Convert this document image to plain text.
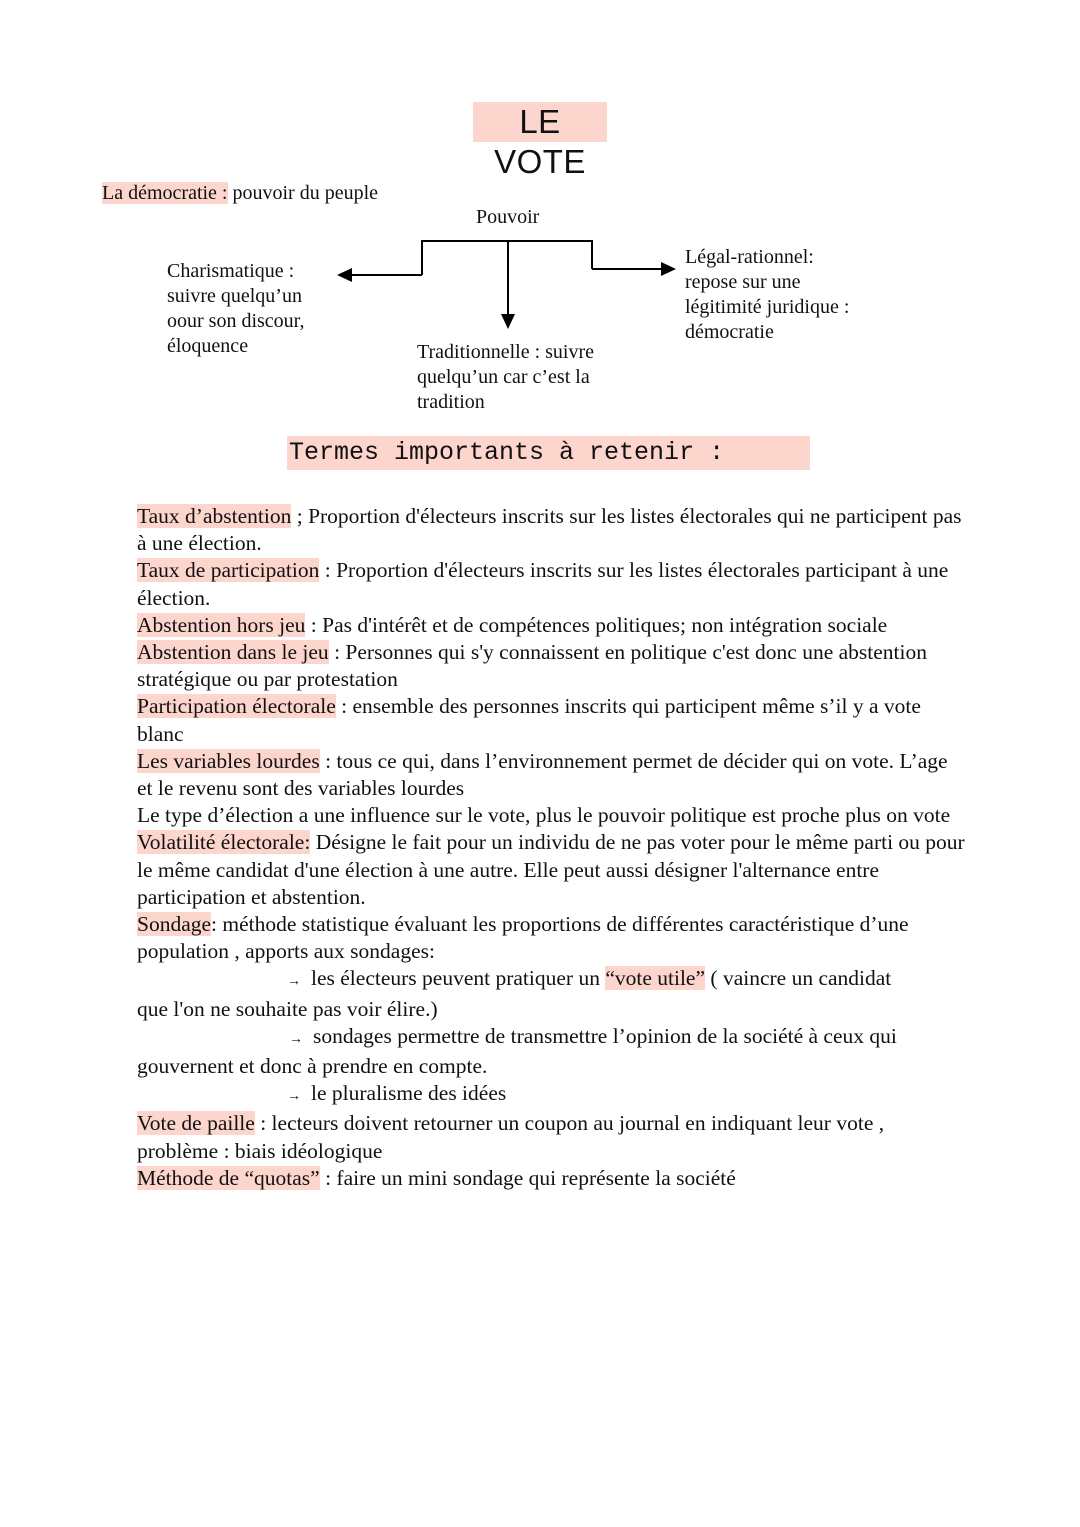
LE VOTE
La démocratie : pouvoir du peuple
Pouvoir
Charismatique :
suivre quelqu’un
oour son discour,
éloquence	Traditionnelle : suivre
quelqu’un car c’est la
tradition
Légal-rationnel:
repose sur une
légitimité juridique :
démocratie
Termes importants à retenir :

Taux d’abstention ; Proportion d'électeurs inscrits sur les listes électorales qui ne participent pas à une élection.

Taux de participation : Proportion d'électeurs inscrits sur les listes électorales participant à une élection.

Abstention hors jeu : Pas d'intérêt et de compétences politiques; non intégration sociale

Abstention dans le jeu : Personnes qui s'y connaissent en politique c'est donc une abstention stratégique ou par protestation

Participation électorale : ensemble des personnes inscrits qui participent même s’il y a vote blanc

Les variables lourdes : tous ce qui, dans l’environnement permet de décider qui on vote. L’age et le revenu sont des variables lourdes

Le type d’élection a une influence sur le vote, plus le pouvoir politique est proche plus on vote

Volatilité électorale: Désigne le fait pour un individu de ne pas voter pour le même parti ou pour le même candidat d'une élection à une autre. Elle peut aussi désigner l'alternance entre participation et abstention.

Sondage: méthode statistique évaluant les proportions de différentes caractéristique d’une population , apports aux sondages:

→ les électeurs peuvent pratiquer un “vote utile” ( vaincre un candidat

que l'on ne souhaite pas voir élire.)

→ sondages permettre de transmettre l’opinion de la société à ceux qui

gouvernent et donc à prendre en compte.

→ le pluralisme des idées

Vote de paille : lecteurs doivent retourner un coupon au journal en indiquant leur vote , problème : biais idéologique

Méthode de “quotas” : faire un mini sondage qui représente la société
